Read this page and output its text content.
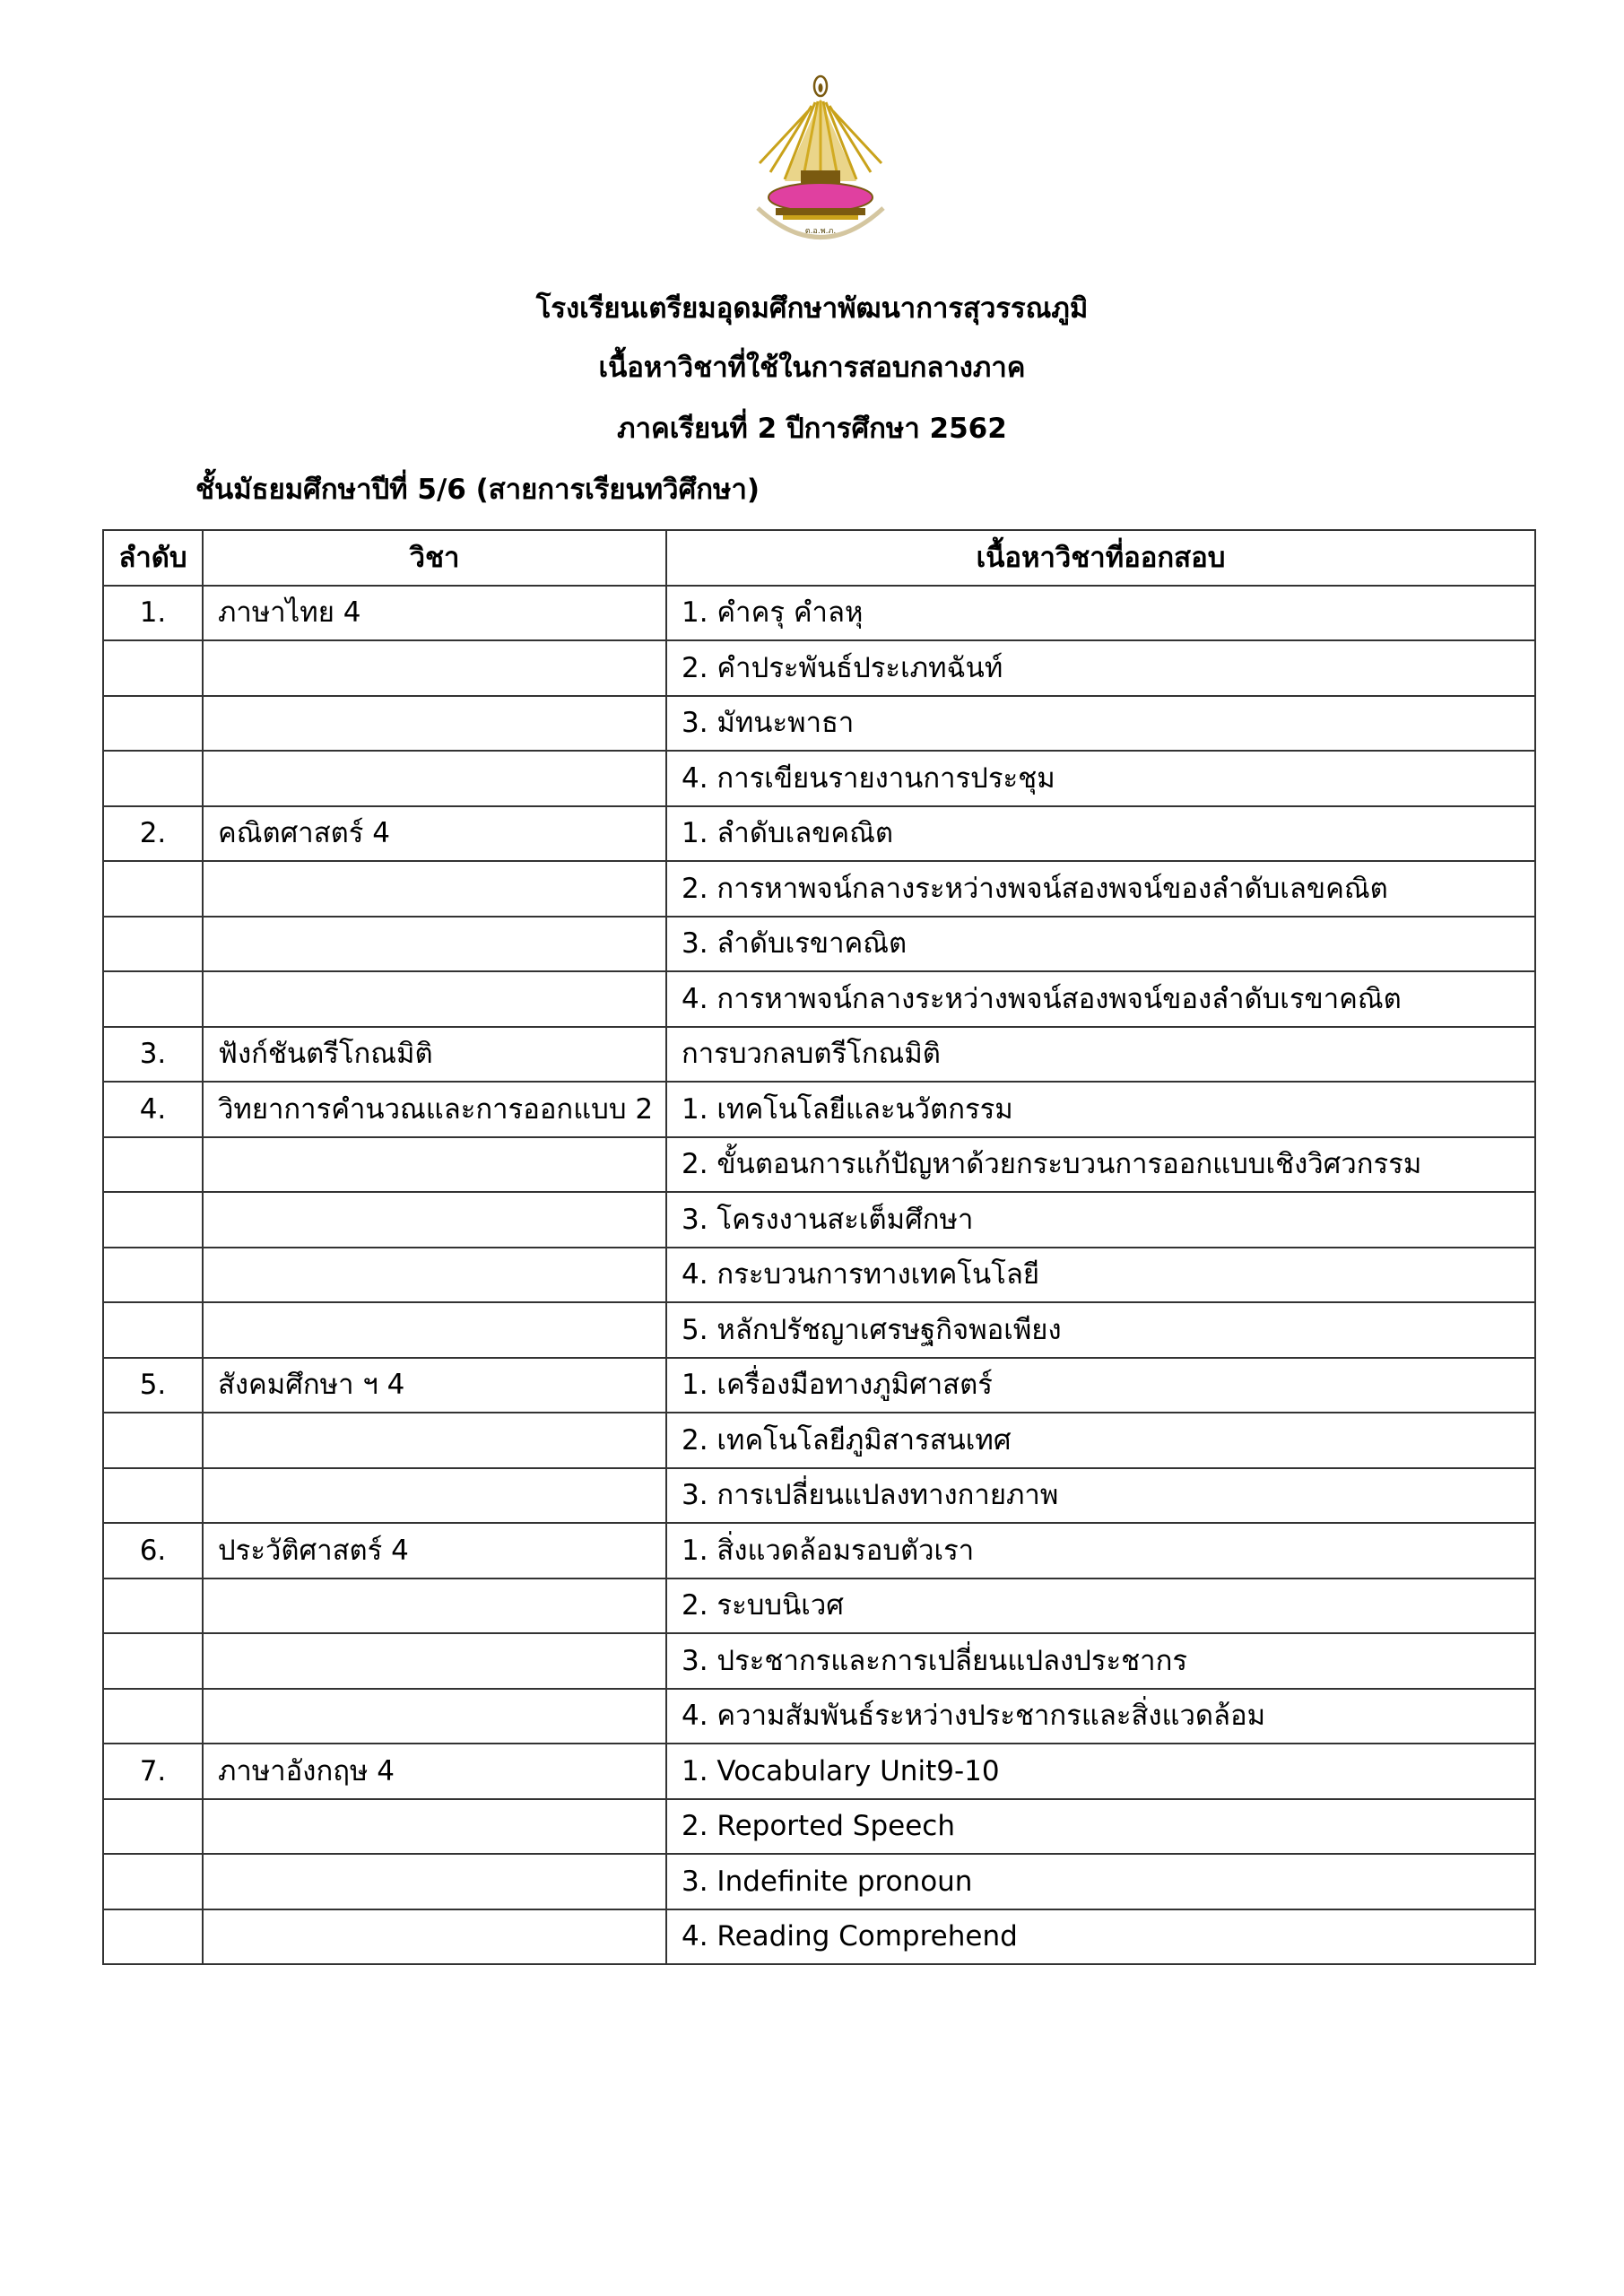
ต.อ.พ.ภ.
โรงเรียนเตรียมอุดมศึกษาพัฒนาการสุวรรณภูมิ
เนื้อหาวิชาที่ใช้ในการสอบกลางภาค
ภาคเรียนที่ 2 ปีการศึกษา 2562
ชั้นมัธยมศึกษาปีที่ 5/6 (สายการเรียนทวิศึกษา)
ลำดับ	วิชา	เนื้อหาวิชาที่ออกสอบ
1.	ภาษาไทย 4	1. คำครุ คำลหุ
		2. คำประพันธ์ประเภทฉันท์
		3. มัทนะพาธา
		4. การเขียนรายงานการประชุม
2.	คณิตศาสตร์ 4	1. ลำดับเลขคณิต
		2. การหาพจน์กลางระหว่างพจน์สองพจน์ของลำดับเลขคณิต
		3. ลำดับเรขาคณิต
		4. การหาพจน์กลางระหว่างพจน์สองพจน์ของลำดับเรขาคณิต
3.	ฟังก์ชันตรีโกณมิติ	การบวกลบตรีโกณมิติ
4.	วิทยาการคำนวณและการออกแบบ 2	1. เทคโนโลยีและนวัตกรรม
		2. ขั้นตอนการแก้ปัญหาด้วยกระบวนการออกแบบเชิงวิศวกรรม
		3. โครงงานสะเต็มศึกษา
		4. กระบวนการทางเทคโนโลยี
		5. หลักปรัชญาเศรษฐกิจพอเพียง
5.	สังคมศึกษา ฯ 4	1. เครื่องมือทางภูมิศาสตร์
		2. เทคโนโลยีภูมิสารสนเทศ
		3. การเปลี่ยนแปลงทางกายภาพ
6.	ประวัติศาสตร์ 4	1. สิ่งแวดล้อมรอบตัวเรา
		2. ระบบนิเวศ
		3. ประชากรและการเปลี่ยนแปลงประชากร
		4. ความสัมพันธ์ระหว่างประชากรและสิ่งแวดล้อม
7.	ภาษาอังกฤษ 4	1. Vocabulary Unit9-10
		2. Reported Speech
		3. Indefinite pronoun
		4. Reading Comprehend
